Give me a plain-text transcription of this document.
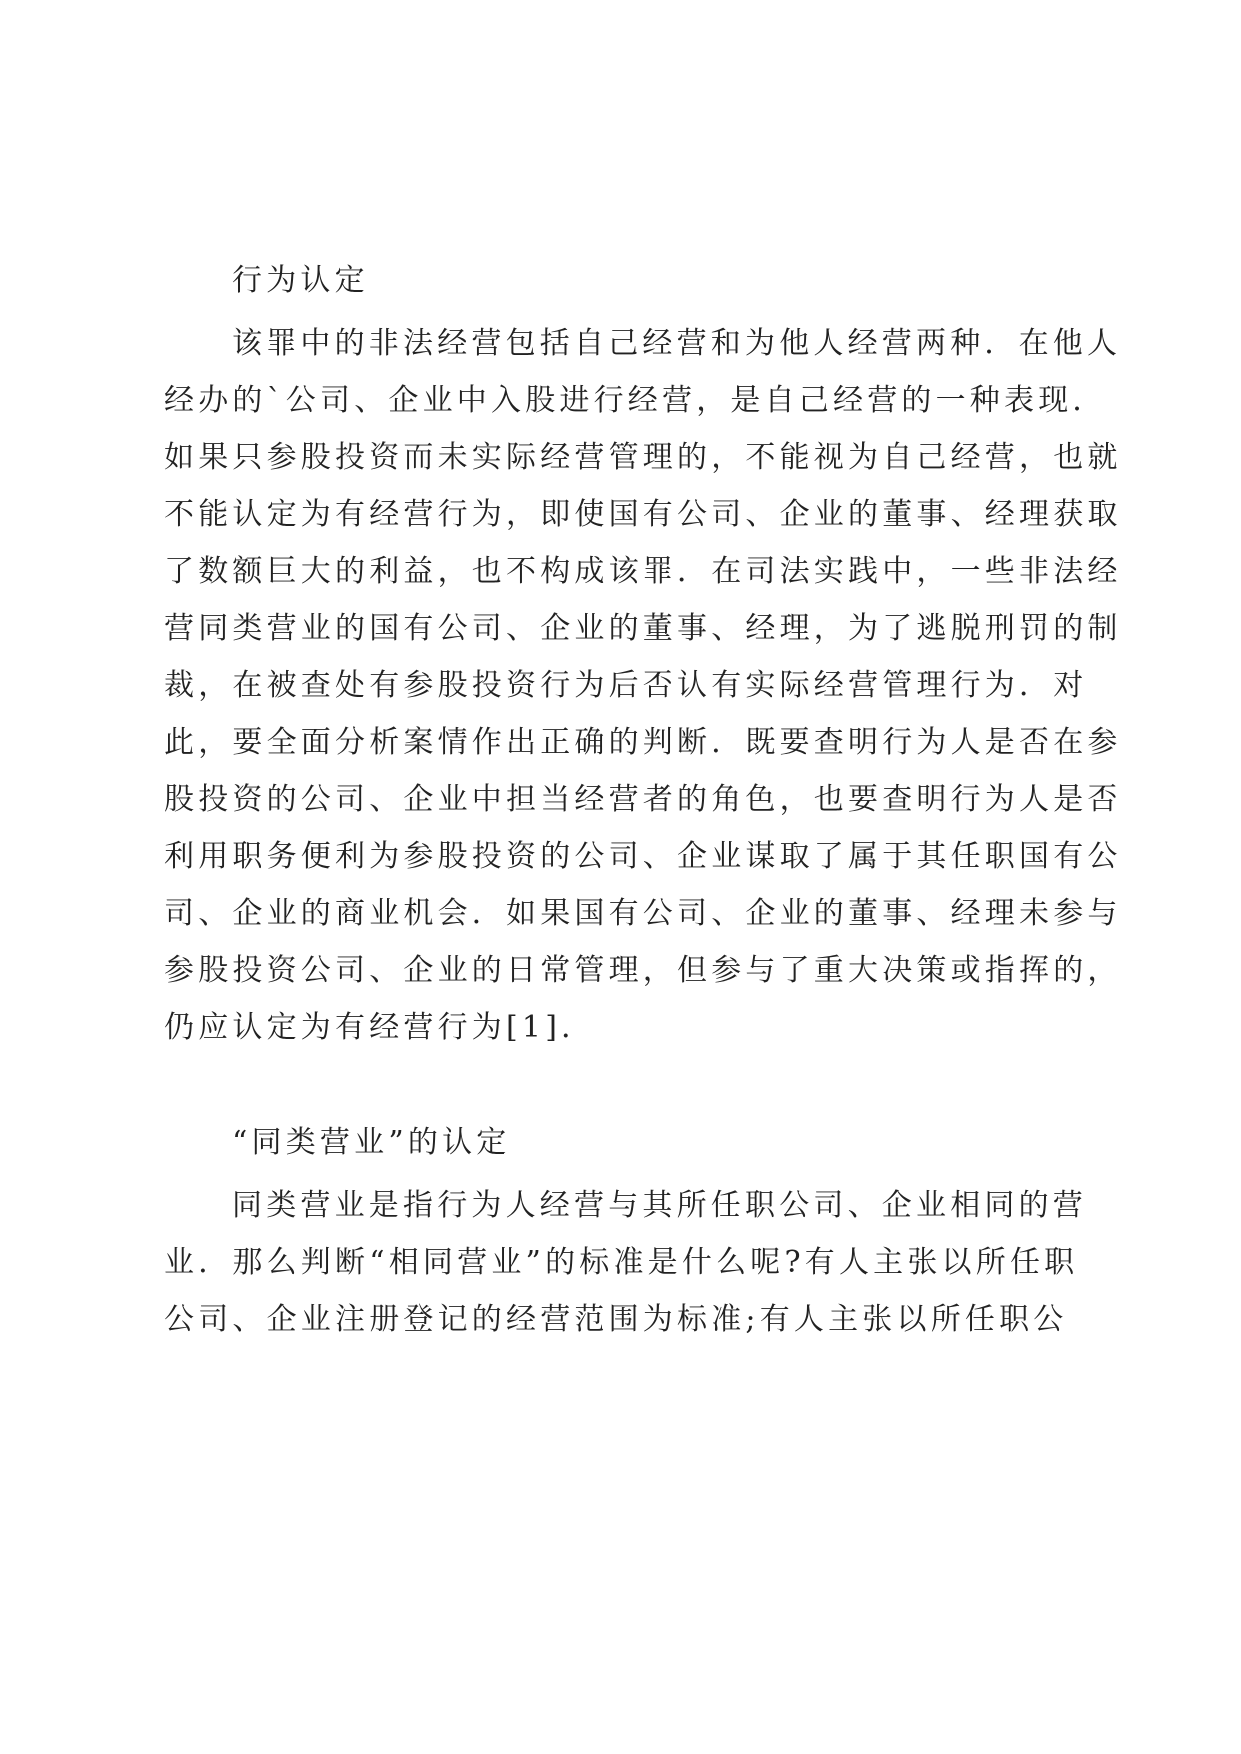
行为认定
该罪中的非法经营包括自己经营和为他人经营两种．在他人
经办的`公司、企业中入股进行经营，是自己经营的一种表现．
如果只参股投资而未实际经营管理的，不能视为自己经营，也就
不能认定为有经营行为，即使国有公司、企业的董事、经理获取
了数额巨大的利益，也不构成该罪．在司法实践中，一些非法经
营同类营业的国有公司、企业的董事、经理，为了逃脱刑罚的制
裁，在被查处有参股投资行为后否认有实际经营管理行为．对
此，要全面分析案情作出正确的判断．既要查明行为人是否在参
股投资的公司、企业中担当经营者的角色，也要查明行为人是否
利用职务便利为参股投资的公司、企业谋取了属于其任职国有公
司、企业的商业机会．如果国有公司、企业的董事、经理未参与
参股投资公司、企业的日常管理，但参与了重大决策或指挥的，
仍应认定为有经营行为[1]．
“同类营业”的认定
同类营业是指行为人经营与其所任职公司、企业相同的营
业．那么判断“相同营业”的标准是什么呢?有人主张以所任职
公司、企业注册登记的经营范围为标准;有人主张以所任职公
